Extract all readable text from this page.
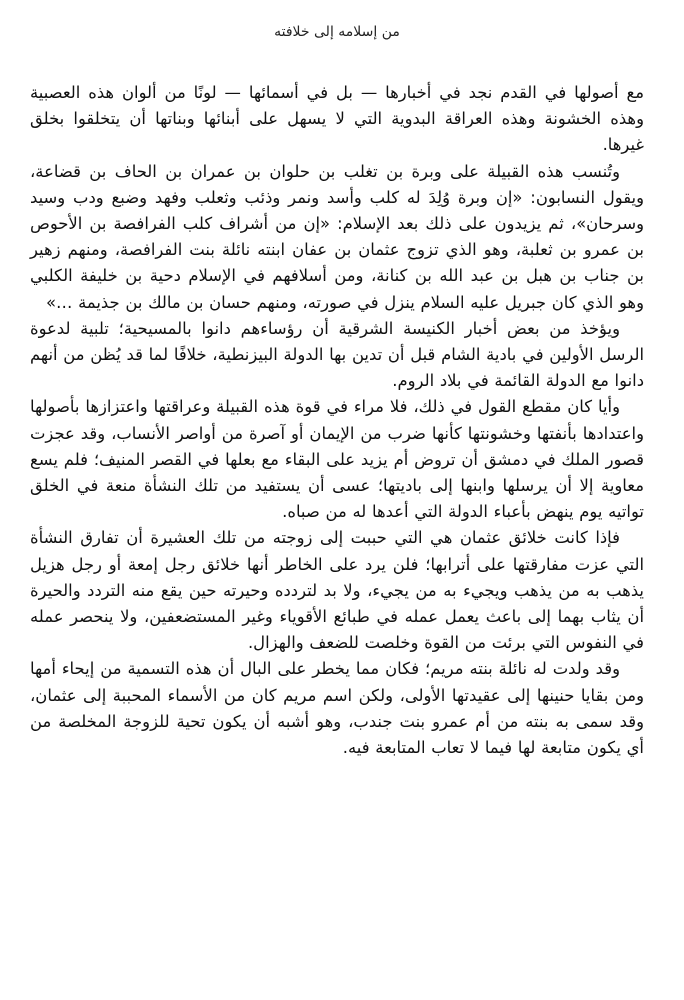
من إسلامه إلى خلافته

مع أصولها في القدم نجد في أخبارها — بل في أسمائها — لونًا من ألوان هذه العصبية وهذه الخشونة وهذه العراقة البدوية التي لا يسهل على أبنائها وبناتها أن يتخلقوا بخلق غيرها.

وتُنسب هذه القبيلة على وبرة بن تغلب بن حلوان بن عمران بن الحاف بن قضاعة، ويقول النسابون: «إن وبرة وُلِدَ له كلب وأسد ونمر وذئب وثعلب وفهد وضبع ودب وسيد وسرحان»، ثم يزيدون على ذلك بعد الإسلام: «إن من أشراف كلب الفرافصة بن الأحوص بن عمرو بن ثعلبة، وهو الذي تزوج عثمان بن عفان ابنته نائلة بنت الفرافصة، ومنهم زهير بن جناب بن هبل بن عبد الله بن كنانة، ومن أسلافهم في الإسلام دحية بن خليفة الكلبي وهو الذي كان جبريل عليه السلام ينزل في صورته، ومنهم حسان بن مالك بن جذيمة …»

ويؤخذ من بعض أخبار الكنيسة الشرقية أن رؤساءهم دانوا بالمسيحية؛ تلبية لدعوة الرسل الأولين في بادية الشام قبل أن تدين بها الدولة البيزنطية، خلافًا لما قد يُظن من أنهم دانوا مع الدولة القائمة في بلاد الروم.

وأيا كان مقطع القول في ذلك، فلا مراء في قوة هذه القبيلة وعراقتها واعتزازها بأصولها واعتدادها بأنفتها وخشونتها كأنها ضرب من الإيمان أو آصرة من أواصر الأنساب، وقد عجزت قصور الملك في دمشق أن تروض أم يزيد على البقاء مع بعلها في القصر المنيف؛ فلم يسع معاوية إلا أن يرسلها وابنها إلى باديتها؛ عسى أن يستفيد من تلك النشأة منعة في الخلق تواتيه يوم ينهض بأعباء الدولة التي أعدها له من صباه.

فإذا كانت خلائق عثمان هي التي حببت إلى زوجته من تلك العشيرة أن تفارق النشأة التي عزت مفارقتها على أترابها؛ فلن يرد على الخاطر أنها خلائق رجل إمعة أو رجل هزيل يذهب به من يذهب ويجيء به من يجيء، ولا بد لتردده وحيرته حين يقع منه التردد والحيرة أن يثاب بهما إلى باعث يعمل عمله في طبائع الأقوياء وغير المستضعفين، ولا ينحصر عمله في النفوس التي برئت من القوة وخلصت للضعف والهزال.

وقد ولدت له نائلة بنته مريم؛ فكان مما يخطر على البال أن هذه التسمية من إيحاء أمها ومن بقايا حنينها إلى عقيدتها الأولى، ولكن اسم مريم كان من الأسماء المحببة إلى عثمان، وقد سمى به بنته من أم عمرو بنت جندب، وهو أشبه أن يكون تحية للزوجة المخلصة من أي يكون متابعة لها فيما لا تعاب المتابعة فيه.
